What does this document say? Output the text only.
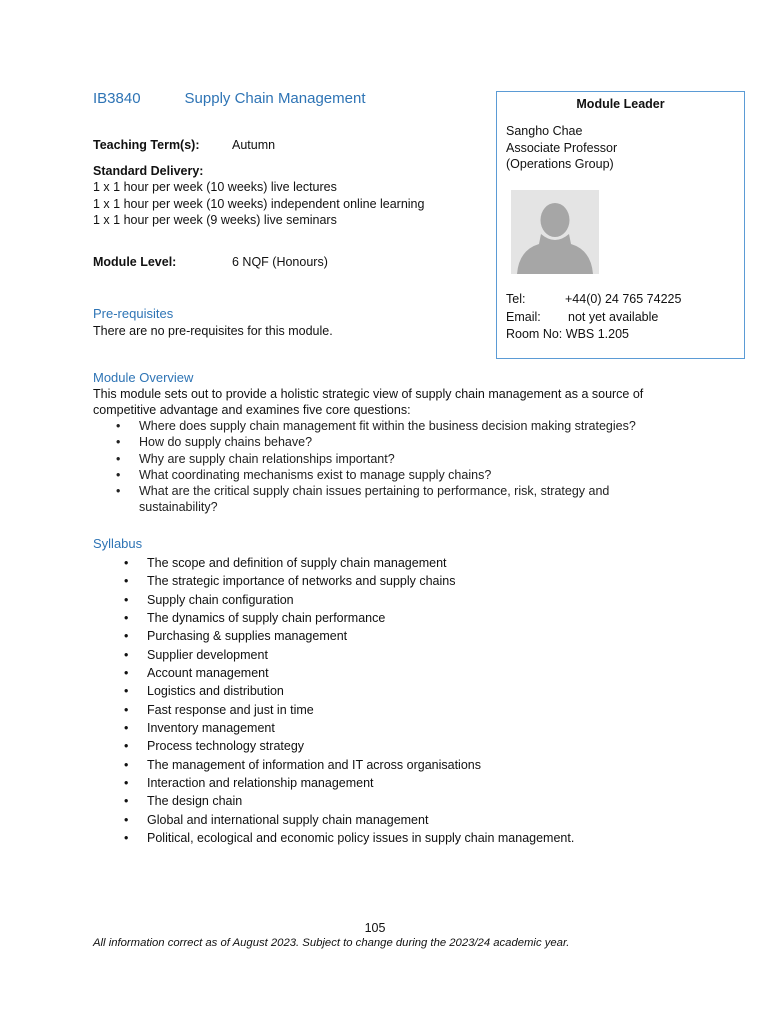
IB3840	Supply Chain Management
Teaching Term(s):	Autumn
Standard Delivery:
1 x 1 hour per week (10 weeks) live lectures
1 x 1 hour per week (10 weeks) independent online learning
1 x 1 hour per week (9 weeks) live seminars
Module Level:	6 NQF (Honours)
Pre-requisites
There are no pre-requisites for this module.
Module Overview
This module sets out to provide a holistic strategic view of supply chain management as a source of competitive advantage and examines five core questions:
• Where does supply chain management fit within the business decision making strategies?
• How do supply chains behave?
• Why are supply chain relationships important?
• What coordinating mechanisms exist to manage supply chains?
• What are the critical supply chain issues pertaining to performance, risk, strategy and sustainability?
Syllabus
• The scope and definition of supply chain management
• The strategic importance of networks and supply chains
• Supply chain configuration
• The dynamics of supply chain performance
• Purchasing & supplies management
• Supplier development
• Account management
• Logistics and distribution
• Fast response and just in time
• Inventory management
• Process technology strategy
• The management of information and IT across organisations
• Interaction and relationship management
• The design chain
• Global and international supply chain management
• Political, ecological and economic policy issues in supply chain management.
Module Leader
Sangho Chae
Associate Professor
(Operations Group)
Tel:	+44(0) 24 765 74225
Email: not yet available
Room No: WBS 1.205
105
All information correct as of August 2023. Subject to change during the 2023/24 academic year.
